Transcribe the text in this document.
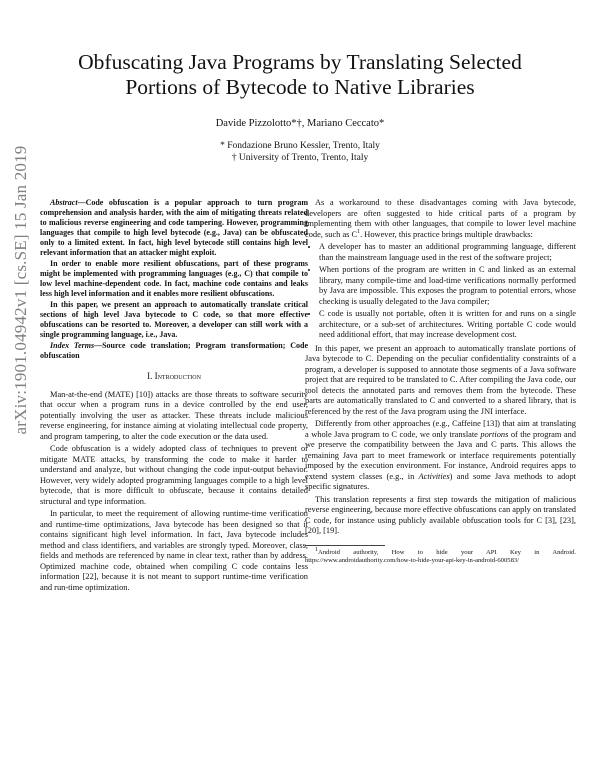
arXiv:1901.04942v1 [cs.SE] 15 Jan 2019
Obfuscating Java Programs by Translating Selected Portions of Bytecode to Native Libraries
Davide Pizzolotto*†, Mariano Ceccato*
* Fondazione Bruno Kessler, Trento, Italy
† University of Trento, Trento, Italy

Abstract—Code obfuscation is a popular approach to turn program comprehension and analysis harder, with the aim of mitigating threats related to malicious reverse engineering and code tampering. However, programming languages that compile to high level bytecode (e.g., Java) can be obfuscated only to a limited extent. In fact, high level bytecode still contains high level relevant information that an attacker might exploit.

In order to enable more resilient obfuscations, part of these programs might be implemented with programming languages (e.g., C) that compile to low level machine-dependent code. In fact, machine code contains and leaks less high level information and it enables more resilient obfuscations.

In this paper, we present an approach to automatically translate critical sections of high level Java bytecode to C code, so that more effective obfuscations can be resorted to. Moreover, a developer can still work with a single programming language, i.e., Java.

Index Terms—Source code translation; Program transformation; Code obfuscation

I. Introduction

Man-at-the-end (MATE) [10]) attacks are those threats to software security that occur when a program runs in a device controlled by the end user, potentially involving the user as attacker. These threats include malicious reverse engineering, for instance aiming at violating intellectual code property, and program tampering, to alter the code execution or the data used.

Code obfuscation is a widely adopted class of techniques to prevent or mitigate MATE attacks, by transforming the code to make it harder to understand and analyze, but without changing the code input-output behavior. However, very widely adopted programming languages compile to a high level bytecode, that is more difficult to obfuscate, because it contains detailed structural and type information.

In particular, to meet the requirement of allowing runtime-time verification and runtime-time optimizations, Java bytecode has been designed so that it contains significant high level information. In fact, Java bytecode includes method and class identifiers, and variables are strongly typed. Moreover, class, fields and methods are referenced by name in clear text, rather than by address. Optimized machine code, obtained when compiling C code contains less information [22], because it is not meant to support runtime-time verification and run-time optimization.

As a workaround to these disadvantages coming with Java bytecode, developers are often suggested to hide critical parts of a program by implementing them with other languages, that compile to lower level machine code, such as $C^1$. However, this practice brings multiple drawbacks:

• A developer has to master an additional programming language, different than the mainstream language used in the rest of the software project;
• When portions of the program are written in C and linked as an external library, many compile-time and load-time verifications normally performed by Java are impossible. This exposes the program to potential errors, whose checking is usually delegated to the Java compiler;
• C code is usually not portable, often it is written for and runs on a single architecture, or a sub-set of architectures. Writing portable C code would need additional effort, that may increase development cost.

In this paper, we present an approach to automatically translate portions of Java bytecode to C. Depending on the peculiar confidentiality constraints of a program, a developer is supposed to annotate those segments of a Java software project that are required to be translated to C. After compiling the Java code, our tool detects the annotated parts and removes them from the bytecode. These parts are automatically translated to C and converted to a shared library, that is referenced by the rest of the Java program using the JNI interface.

Differently from other approaches (e.g., Caffeine [13]) that aim at translating a whole Java program to C code, we only translate portions of the program and we preserve the compatibility between the Java and C parts. This allows the remaining Java part to meet framework or interface requirements potentially imposed by the execution environment. For instance, Android requires apps to extend system classes (e.g., in Activities) and some Java methods to adopt specific signatures.

This translation represents a first step towards the mitigation of malicious reverse engineering, because more effective obfuscations can apply on translated C code, for instance using publicly available obfuscation tools for C [3], [23], [20], [19].

$^1$Android authority, How to hide your API Key in Android. https://www.androidauthority.com/how-to-hide-your-api-key-in-android-600583/
